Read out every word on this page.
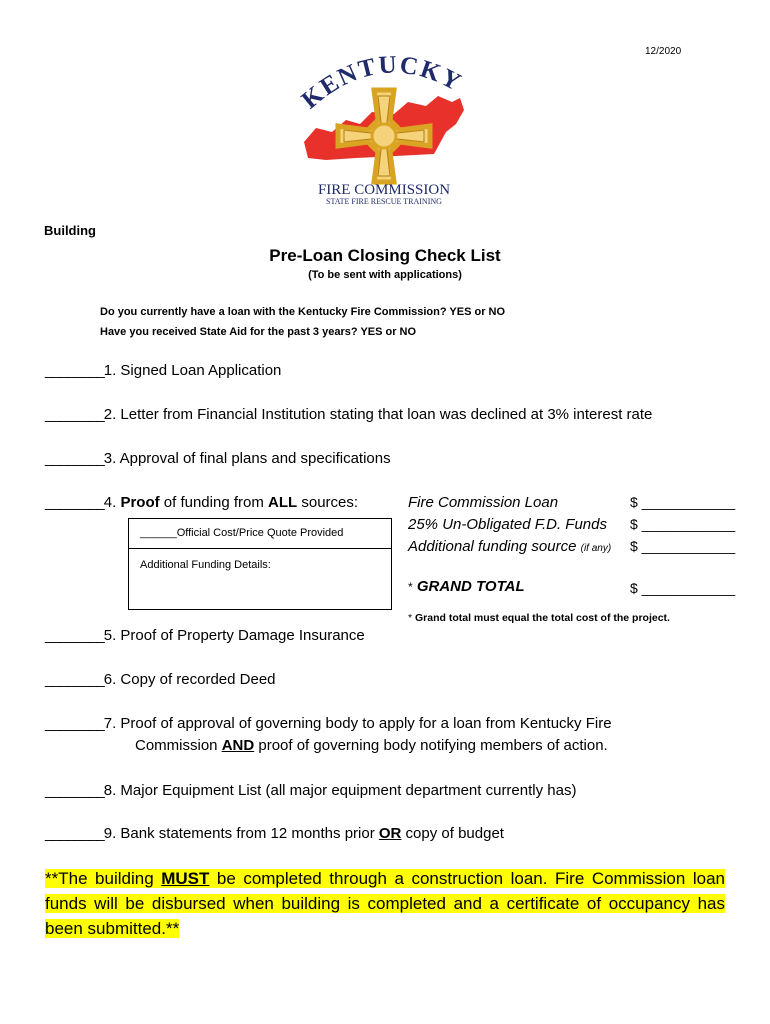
12/2020
KENTUCKY
FIRE COMMISSION
STATE FIRE RESCUE TRAINING
Building
Pre-Loan Closing Check List
(To be sent with applications)
Do you currently have a loan with the Kentucky Fire Commission? YES or NO
Have you received State Aid for the past 3 years? YES or NO
________1. Signed Loan Application
________2. Letter from Financial Institution stating that loan was declined at 3% interest rate
________3. Approval of final plans and specifications
________4. Proof of funding from ALL sources:
______Official Cost/Price Quote Provided
Additional Funding Details:
Fire Commission Loan	$ ____________
25% Un-Obligated F.D. Funds $ ____________
Additional funding source (if any) $ ____________
* GRAND TOTAL	$ ____________
* Grand total must equal the total cost of the project.
________5. Proof of Property Damage Insurance
________6. Copy of recorded Deed
________7. Proof of approval of governing body to apply for a loan from Kentucky Fire
Commission AND proof of governing body notifying members of action.
________8. Major Equipment List (all major equipment department currently has)
________9. Bank statements from 12 months prior OR copy of budget
**The building MUST be completed through a construction loan. Fire Commission loan funds will be disbursed when building is completed and a certificate of occupancy has been submitted.**
